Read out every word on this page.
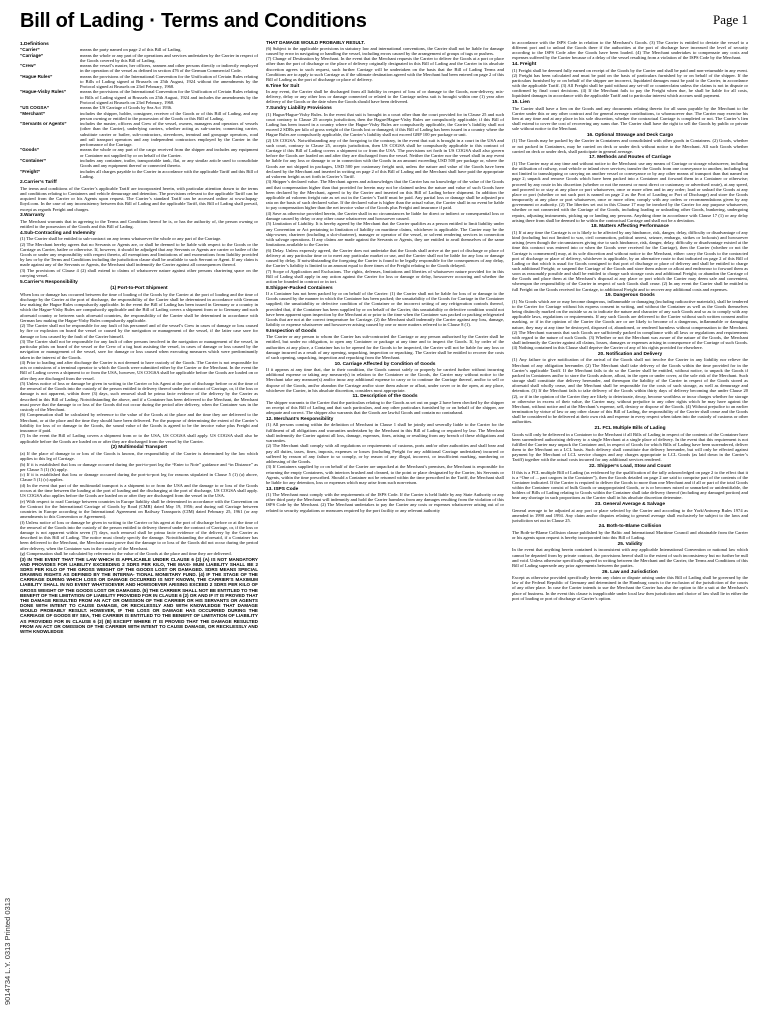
Bill of Lading · Terms and Conditions	Page 1
9014734 L.Y. 0313 Printed 0313
1.Definitions
“Carrier”	means the party named on page 2 of this Bill of Lading.
“Carriage”	means the whole or any part of the operations and services undertaken by the Carrier in respect of the Goods covered by this Bill of Lading.
“Crew”	means the vessel’s master, her officers, seamen and other persons directly or indirectly employed in the operation of the vessel as defined in section 476 of the German Commercial Code.
“Hague Rules”	means the provisions of the International Convention for the Unification of Certain Rules relating to Bills of Lading signed at Brussels on 25th August, 1924 without the amendments by the Protocol signed at Brussels on 23rd February, 1968.
“Hague-Visby Rules”	means the provisions of the International Convention for the Unification of Certain Rules relating to Bills of Lading signed at Brussels on 25th August, 1924 and includes the amendments by the Protocol signed at Brussels on 23rd February, 1968.
“US COGSA”	means the US Carriage of Goods by Sea Act 1936.
“Merchant”	includes the shipper, holder, consignee, receiver of the Goods or of this Bill of Lading, and any person owning or entitled to the possession of the Goods or this Bill of Lading.
“Servants or Agents”	includes the master, officers and Crew of the vessel, owners, managers and operators of vessels (other than the Carrier), underlying carriers, whether acting as sub-carrier, connecting carrier, substitute carrier or bailee, sub-contractors, stevedores, terminal and groupage operators, road and rail transport operators and any independent contractors employed by the Carrier in the performance of the Carriage.
“Goods”	means the whole or any part of the cargo received from the shipper and includes any equipment or Container not supplied by or on behalf of the Carrier.
“Container”	includes any container, trailer, transportable tank, flat, or any similar article used to consolidate Goods and any equipment thereof or connected thereto.
“Freight”	includes all charges payable to the Carrier in accordance with the applicable Tariff and this Bill of Lading.
2.Carrier’s Tariff

The terms and conditions of the Carrier’s applicable Tariff are incorporated herein, with particular attention drawn to the terms and conditions relating to Containers and vehicle demurrage and detention. The provisions relevant to the applicable Tariff can be acquired from the Carrier or his Agents upon request. The Carrier’s standard Tariff can be accessed online at www.hapag-lloyd.com. In the case of any inconsistency between this Bill of Lading and the applicable Tariff, this Bill of Lading shall prevail, except as regards Freight and charges.

3.Warranty

The Merchant warrants that in agreeing to the Terms and Conditions hereof he is, or has the authority of, the person owning or entitled to the possession of the Goods and this Bill of Lading.

4.Sub-Contracting and Indemnity

(1) The Carrier shall be entitled to sub-contract on any terms whatsoever the whole or any part of the Carriage.

(2) The Merchant hereby agrees that no Servants or Agents are, or shall be deemed to be liable with respect to the Goods or the Carriage as Carrier, bailee or otherwise. If, however, it should be adjudged that any Servants or Agents are carrier or bailee of the Goods or under any responsibility with respect thereto, all exemptions and limitations of and exonerations from liability provided by law or by the Terms and Conditions including the jurisdiction clause shall be available to such Servant or Agent. If any claim is made against any of the Servants or Agents, the Merchant shall indemnify the Carrier against all consequences thereof.

(3) The provisions of Clause 4 (2) shall extend to claims of whatsoever nature against other persons chartering space on the carrying vessel.

5.Carrier’s Responsibility
(1) Port-to-Port Shipment

When loss or damage has occurred between the time of loading of the Goods by the Carrier at the port of loading and the time of discharge by the Carrier at the port of discharge, the responsibility of the Carrier shall be determined in accordance with German law making the Hague Rules compulsorily applicable. In the event the Bill of Lading has been issued in Germany or a country in which the Hague-Visby Rules are compulsorily applicable and the Bill of Lading covers a shipment from or to Germany and such aforesaid country or between such aforesaid countries, the responsibility of the Carrier shall be determined in accordance with German law making the Hague-Visby Rules compulsorily applicable.

(2) The Carrier shall not be responsible for any fault of his personnel and of the vessel’s Crew in cases of damage or loss caused by fire or explosion on board the vessel or caused by the navigation or management of the vessel, if the latter case save for damage or loss caused by the fault of the Carrier himself.

(3) The Carrier shall not be responsible for any fault of other persons involved in the navigation or management of the vessel, in particular pilots on board of the vessel or the Crew of a tug boat assisting the vessel, in cases of damage or loss caused by the navigation or management of the vessel, save for damage or loss caused when executing measures which were predominantly taken in the interest of the Goods.

(4) Prior to loading and after discharge the Carrier is not deemed to have custody of the Goods. The Carrier is not responsible for acts or omissions of a terminal operator to which the Goods were submitted either by the Carrier or the Merchant. In the event the Bill of Lading covers a shipment to or from the USA, however, US COGSA shall be applicable before the Goods are loaded on or after they are discharged from the vessel.

(5) Unless notice of loss or damage be given in writing to the Carrier or his Agent at the port of discharge before or at the time of the removal of the Goods into the custody of the person entitled to delivery thereof under the contract of Carriage, or, if the loss or damage is not apparent, within three (3) days, such removal shall be prima facie evidence of the delivery by the Carrier as described in this Bill of Lading. Notwithstanding the above, and if a Container has been delivered to the Merchant, the Merchant must prove that the damage to or loss of the Goods did not occur during the period after delivery, when the Container was in the custody of the Merchant.

(6) Compensation shall be calculated by reference to the value of the Goods at the place and the time they are delivered to the Merchant, or at the place and the time they should have been delivered. For the purpose of determining the extent of the Carrier’s liability for loss of or damage to the Goods, the sound value of the Goods is agreed to be the invoice value plus Freight and insurance if paid.

(7) In the event the Bill of Lading covers a shipment from or to the USA, US COGSA shall apply. US COGSA shall also be applicable before the Goods are loaded on or after they are discharged from the vessel by the Carrier.

(2) Multimodal Transport

(a) If the place of damage to or loss of the Goods is known, the responsibility of the Carrier is determined by the law which applies to this leg of Carriage.

(b) If it is established that loss or damage occurred during the port-to-port leg the “Enter to Note” guidance and “in Distance” as per Clause 5 (1) (b) apply.

(c) If it is established that loss or damage occurred during the port-to-port leg for reasons stipulated in Clause 5 (1) (a) above, Clause 5 (1) (c) applies.

(d) In the event that part of the multimodal transport is a shipment to or from the USA and the damage to or loss of the Goods occurs at the time between the loading at the port of loading and the discharging at the port of discharge, US COGSA shall apply. US COGSA also applies before the Goods are loaded on or after they are discharged from the vessel in the USA.

(e) With respect to road Carriage between countries in Europe liability shall be determined in accordance with the Convention on the Contract for the International Carriage of Goods by Road (CMR) dated May 19, 1956; and during rail Carriage between countries in Europe according to the International Agreement on Railway Transports (CIM) dated February 25, 1961 (or any amendments to this Convention or Agreement).

(f) Unless notice of loss or damage be given in writing to the Carrier or his agent at the port of discharge before or at the time of the removal of the Goods into the custody of the person entitled to delivery thereof under the contract of Carriage, or, if the loss or damage is not apparent within seven (7) days, such removal shall be prima facie evidence of the delivery by the Carrier as described in this Bill of Lading. The notice must clearly specify the damage. Notwithstanding the aforesaid, if a Container has been delivered to the Merchant, the Merchant must prove that the damage to or loss of the Goods did not occur during the period after delivery, when the Container was in the custody of the Merchant.

(g) Compensation shall be calculated by reference to the value of the Goods at the place and time they are delivered.

(3) IN THE EVENT THAT THE LAW WHICH IS APPLICABLE UNDER CLAUSE 6 (2) (A) IS NOT MANDATORY AND PROVIDES FOR LIABILITY EXCEEDING 2 SDRS PER KILO, THE MAXI- MUM LIABILITY SHALL BE 2 SDRS PER KILO OF THE GROSS WEIGHT OF THE GOODS LOST OR DAMAGED. SDRS MEANS SPECIAL DRAWING RIGHTS AS DEFINED BY THE INTERNA- TIONAL MONETARY FUND. (4) IF THE STAGE OF THE CARRIAGE DURING WHICH LOSS OR DAMAGE OCCURRED IS NOT KNOWN, THE CARRIER’S MAXIMUM LIABILITY SHALL IN NO EVENT WHATSOEVER AND HOWSOEVER ARISING EXCEED 2 SDRS PER KILO OF GROSS WEIGHT OF THE GOODS LOST OR DAMAGED. (5) THE CARRIER SHALL NOT BE ENTITLED TO THE BENEFIT OF THE LIMITATION OF LIABILITY PROVIDED FOR IN CLAUSE 6 (2) OR AND IF IT IS PROVED THAT THE DAMAGE RESULTED FROM AN ACT OR OMISSION OF THE CARRIER OR HIS SERVANTS OR AGENTS DONE WITH INTENT TO CAUSE DAMAGE, OR RECKLESSLY AND WITH KNOWLEDGE THAT DAMAGE WOULD PROBABLY RESULT. HOWEVER, IF THE LOSS OR DAMAGE HAS OCCURRED DURING THE CARRIAGE OF GOODS BY SEA, THE CARRIER IS ENTITLED TO THE BENEFIT OF LIMITATION OF LIABILITY AS PROVIDED FOR IN CLAUSE 6 (2) (B) EXCEPT WHERE IT IS PROVED THAT THE DAMAGE RESULTED FROM AN ACT OR OMISSION OF THE CARRIER WITH INTENT TO CAUSE DAMAGE, OR RECKLESSLY AND WITH KNOWLEDGE

THAT DAMAGE WOULD PROBABLY RESULT.

(6) Subject to the applicable provisions in statutory law and international conventions, the Carrier shall not be liable for damage caused by error in navigating or handling the vessel, including errors caused by the arrangement of groups of tugs or pushers.

(7) Change of Destination by Merchant. In the event that the Merchant requests the Carrier to deliver the Goods at a port or place other than the port of discharge or the place of delivery originally designated in this Bill of Lading and the Carrier in its absolute discretion agrees to such request, such further Carriage will be undertaken on the basis that the Bill of Lading Terms and Conditions are to apply to such Carriage as if the ultimate destination agreed with the Merchant had been entered on page 2 of this Bill of Lading as the port of discharge or place of delivery.

6.Time for Suit

In any event, the Carrier shall be discharged from all liability in respect of loss of or damage to the Goods, non-delivery, mis-delivery, delay or any other loss or damage connected or related to the Carriage unless suit is brought within one (1) year after delivery of the Goods or the date when the Goods should have been delivered.

7.Sundry Liability Provisions

(1) Hague/Hague-Visby Rules. In the event that suit is brought in a court other than the court provided for in Clause 25 and such court contrary to Clause 25 accepts jurisdiction, then the Hague/Hague-Visby Rules are compulsorily applicable; if this Bill of Lading has been issued in a country where the Hague-Visby Rules are compulsorily applicable, the Carrier’s liability shall not exceed 2 SDRs per kilo of gross weight of the Goods lost or damaged; if this Bill of Lading has been issued in a country where the Hague Rules are compulsorily applicable, the Carrier’s liability shall not exceed GBP 100 per package or unit.

(2) US COGSA. Notwithstanding any of the foregoing to the contrary, in the event that suit is brought in a court in the USA and such court, contrary to Clause 25, accepts jurisdiction, then US COGSA shall be compulsorily applicable to this contract of Carriage if this Bill of Lading covers a shipment to or from the USA. The provisions set forth in US COGSA shall also govern before the Goods are loaded on and after they are discharged from the vessel. Neither the Carrier nor the vessel shall in any event be liable for any loss or damage to or in connection with the Goods in an amount exceeding USD 500 per package or, where the Goods are not shipped in packages, USD 500 per customary freight unit, unless the nature and value of the Goods have been declared by the Merchant and inserted in writing on page 2 of this Bill of Lading and the Merchant shall have paid the appropriate ad valorem freight as set forth in Carrier’s Tariff.

(3) Shipper’s declared value. The Merchant agrees and acknowledges that the Carrier has no knowledge of the value of the Goods and that compensation higher than that provided for herein may not be claimed unless the nature and value of such Goods have been declared by the Merchant, agreed to by the Carrier and inserted on this Bill of Lading before shipment. In addition the applicable ad valorem freight rate as set out in the Carrier’s Tariff must be paid. Any partial loss or damage shall be adjusted pro rata on the basis of such declared value. If the declared value is higher than the actual value, the Carrier shall in no event be liable to pay compensation higher than the net invoice value of the Goods plus Freight and insurance if paid.

(4) Save as otherwise provided herein, the Carrier shall in no circumstances be liable for direct or indirect or consequential loss or damage caused by delay or any other cause whatsoever and howsoever caused.

(5) Limitation of Liability. It is hereby agreed by the Merchant that the Carrier qualifies as a person entitled to limit liability under any Convention or Act pertaining to limitation of liability on maritime claims, whichever is applicable. The Carrier may be the ship-owner, charterer (including a slot-charterer), manager or operator of the vessel, or solvent rendering services in connection with salvage operations. If any claims are made against the Servants or Agents, they are entitled to avail themselves of the same limitations available to the Carrier.

(6) Delay. Unless expressly agreed, the Carrier does not undertake that the Goods shall arrive at the port of discharge or place of delivery at any particular time or to meet any particular market or use, and the Carrier shall not be liable for any loss or damage caused by delay. If notwithstanding the foregoing the Carrier is found to be legally responsible for the consequences of any delay, the Carrier’s liability is limited to an amount equal to three times of the Freight relating to the Goods delayed.

(7) Scope of Application and Exclusions. The rights, defenses, limitations and liberties of whatsoever nature provided for in this Bill of Lading shall apply in any action against the Carrier for loss or damage or delay, howsoever occurring and whether the action be founded in contract or in tort.

8.Shipper-Packed Containers

If a Container has not been packed by or on behalf of the Carrier: (1) the Carrier shall not be liable for loss of or damage to the Goods caused by the manner in which the Container has been packed; the unsuitability of the Goods for Carriage in the Container supplied; the unsuitability or defective condition of the Container or the incorrect setting of any refrigeration controls thereof, provided that, if the Container has been supplied by or on behalf of the Carrier, this unsuitability or defective condition would not have been apparent upon inspection by the Merchant at or prior to the time when the Container was packed or packing refrigerated Goods that are not at the correct temperature for Carriage. (2) the Merchant shall indemnify the Carrier against any loss, damage, liability or expense whatsoever and howsoever arising caused by one or more matters referred to in Clause 8 (1).

9.Inspection of Goods

The Carrier or any person to whom the Carrier has sub-contracted the Carriage or any person authorised by the Carrier shall be entitled, but under no obligation, to open any Container or package at any time and to inspect the Goods. If, by order of the authorities at any place, a Container has to be opened for the Goods to be inspected, the Carrier will not be liable for any loss or damage incurred as a result of any opening, unpacking, inspection or repacking. The Carrier shall be entitled to recover the costs of such opening, unpacking, inspection and repacking from the Merchant.

10. Carriage Affected by Condition of Goods

If it appears at any time that, due to their condition, the Goods cannot safely or properly be carried further without incurring additional expense or taking any measure(s) in relation to the Container or the Goods, the Carrier may without notice to the Merchant take any measure(s) and/or incur any additional expense to carry or to continue the Carriage thereof, and/or to sell or dispose of the Goods, and/or abandon the Carriage and/or store them ashore or afloat, under cover or in the open, at any place, whichever the Carrier, in his absolute discretion, considers most appropriate.

11. Description of the Goods

The shipper warrants to the Carrier that the particulars relating to the Goods as set out on page 2 have been checked by the shipper on receipt of this Bill of Lading and that such particulars, and any other particulars furnished by or on behalf of the shipper, are adequate and correct. The shipper also warrants that the Goods are lawful Goods and contain no contraband.

12. Merchant’s Responsibility

(1) All persons coming within the definition of Merchant in Clause 1 shall be jointly and severally liable to the Carrier for the fulfilment of all obligations and warranties undertaken by the Merchant in this Bill of Lading or required by law. The Merchant shall indemnify the Carrier against all loss, damage, expenses, fines, arising or resulting from any breach of these obligations and warranties.

(2) The Merchant shall comply with all regulations or requirements of customs, ports and/or other authorities and shall bear and pay all duties, taxes, fines, imposts, expenses or losses (including Freight for any additional Carriage undertaken) incurred or suffered by reason of any failure to so comply, or by reason of any illegal, incorrect, or insufficient marking, numbering or addressing of the Goods.

(3) If Containers supplied by or on behalf of the Carrier are unpacked at the Merchant’s premises, the Merchant is responsible for returning the empty Containers, with interiors brushed and cleaned, to the point or place designated by the Carrier, his Servants or Agents, within the time prescribed. Should a Container not be returned within the time prescribed in the Tariff, the Merchant shall be liable for any detention, loss or expenses which may arise from such non-return.

13. ISPS Code

(1) The Merchant must comply with the requirements of the ISPS Code. If the Carrier is held liable by any State Authority or any other third party the Merchant will indemnify and hold the Carrier harmless from any damages resulting from the violation of this ISPS Code by the Merchant. (2) The Merchant undertakes to pay the Carrier any costs or expenses whatsoever arising out of or related to security regulations or measures required by the port facility or any relevant authority

in accordance with the ISPS Code in relation to the Merchant’s Goods. (3) The Carrier is entitled to deviate the vessel to a different port and to unload the Goods there if the authorities at the port of discharge have increased the level of security according to the ISPS Code after the Goods have been loaded. (4) The Merchant undertakes to compensate any costs and expenses suffered by the Carrier because of a delay of the vessel resulting from a violation of the ISPS Code by the Merchant.

14. Freight

(1) Freight shall be deemed fully earned on receipt of the Goods by the Carrier and shall be paid and non-returnable in any event. (2) Freight has been calculated and must be paid on the basis of particulars furnished by or on behalf of the shipper. If the particulars furnished by or on behalf of the shipper are incorrect, liquidated damages must be paid to the Carrier, in accordance with the applicable Tariff. (3) All Freight shall be paid without any set-off or counterclaim unless the claims is not in dispute or confirmed by final court decisions. (4) If the Merchant fails to pay the Freight when due, he shall be liable for all costs, liquidated damages in accordance with the applicable Tariff and to particular interest which accrues until payment.

15. Lien

The Carrier shall have a lien on the Goods and any documents relating thereto for all sums payable by the Merchant to the Carrier under this or any other contract and for general average contributions, to whomsoever due. The Carrier may exercise his lien at any time and at any place in his sole discretion, whether the contractual Carriage is completed or not. The Carrier’s lien shall extend to cover the cost of recovering any sums due. The Carrier shall have the right to sell the Goods by public or private sale without notice to the Merchant.

16. Optional Stowage and Deck Cargo

(1) The Goods may be packed by the Carrier in Containers and consolidated with other goods in Containers. (2) Goods, whether or not packed in Containers, may be carried on deck or under deck without notice to the Merchant. All such Goods whether carried on deck or under deck, shall participate in general average.

17. Methods and Routes of Carriage

(1) The Carrier may at any time and without notice to the Merchant: use any means of Carriage or storage whatsoever, including the utilisation of railway, road vehicle or inland river services; transfer the Goods from one conveyance to another, including but not limited to transshipping or carrying on another vessel or conveyance or by any other means of transport than that named on page 2; unpack and remove Goods which have been packed into a Container and forward them in a Container or otherwise; proceed by any route in his discretion (whether or not the nearest or most direct or customary or advertised route), at any speed, and proceed to or stay at any place or port whatsoever, once or more often and in any order; load or unload the Goods at any place or port (whether or not such port is named on page 2 as the Port of Loading or Port of Discharge) and store the Goods temporarily at any place or port whatsoever, once or more often; comply with any orders or recommendations given by any government or authority. (2) The liberties set out in this Clause 17 may be invoked by the Carrier for any purpose whatsoever, whether or not connected with the Carriage of the Goods, including loading or unloading other Goods, bunkering, undergoing repairs, adjusting instruments, picking up or landing any persons. Anything done in accordance with Clause 17 (1) or any delay arising there from shall be deemed to be within the contractual Carriage and shall not be a deviation.

18. Matters Affecting Performance

(1) If at any time the Carriage is or is likely to be affected by any hindrance, risk, danger, delay, difficulty or disadvantage of any kind (including but not limited to war, civil commotion, political unrest, seizure, embargo, strikes or lockouts) and howsoever arising (even though the circumstances giving rise to such hindrance, risk, danger, delay, difficulty or disadvantage existed at the time this contract was entered into or when the Goods were received for the Carriage), then the Carrier (whether or not the Carriage is commenced) may, at its sole discretion and without notice to the Merchant, either: carry the Goods to the contracted port of discharge or place of delivery, whichever is applicable, by an alternative route to that indicated on page 2 of this Bill of Lading or that which is usual for Goods consigned to that port of discharge or place of delivery and shall be entitled to charge such additional Freight; or suspend the Carriage of the Goods and store them ashore or afloat and endeavour to forward them as soon as reasonably possible and shall be entitled to charge such storage costs and additional Freight; or abandon the Carriage of the Goods and place them at the Merchant’s disposal at any place or port which the Carrier may deem safe and convenient, whereupon the responsibility of the Carrier in respect of such Goods shall cease. (2) In any event the Carrier shall be entitled to full Freight on the Goods received for Carriage, to additional Freight and to recover any additional costs and expenses.

19. Dangerous Goods

(1) No Goods which are or may become dangerous, inflammable or damaging (including radioactive materials), shall be tendered to the Carrier for Carriage without his express consent in writing, and without the Container as well as the Goods themselves being distinctly marked on the outside so as to indicate the nature and character of any such Goods and so as to comply with any applicable laws, regulations or requirements. If any such Goods are delivered to the Carrier without such written consent and/or marking, or if in the opinion of the Carrier the Goods are or are likely to become of a dangerous, inflammable or damaging nature, they may at any time be destroyed, disposed of, abandoned, or rendered harmless without compensation to the Merchant. (2) The Merchant warrants that such Goods are sufficiently packed in compliance with all laws or regulations and requirements with regard to the nature of such Goods. (3) Whether or not the Merchant was aware of the nature of the Goods, the Merchant shall indemnify the Carrier against all claims, losses, damages or expenses arising in consequence of the Carriage of such Goods. (4) Nothing contained in this Clause shall deprive the Carrier of any of his rights provided for elsewhere.

20. Notification and Delivery

(1) Any failure to give notification of the arrival of the Goods shall not involve the Carrier in any liability nor relieve the Merchant of any obligation hereunder. (2) The Merchant shall take delivery of the Goods within the time provided for in the Carrier’s applicable Tariff. If the Merchant fails to do so the Carrier shall be entitled, without notice, to unpack the Goods if packed in Containers and/or to store the Goods ashore, afloat, in the open or under cover, at the sole risk of the Merchant. Such storage shall constitute due delivery hereunder, and thereupon the liability of the Carrier in respect of the Goods stored as aforesaid shall wholly cease, and the Merchant shall be responsible for the costs of such storage, as well as demurrage and detention. (3) If the Merchant fails to take delivery of the Goods within thirty days of delivery becoming due under Clause 20 (2), or if in the opinion of the Carrier they are likely to deteriorate, decay, become worthless or incur charges whether for storage or otherwise in excess of their value, the Carrier may, without prejudice to any other rights which he may have against the Merchant, without notice and at the Merchant’s expense, sell, destroy or dispose of the Goods. (4) Without prejudice to an earlier termination by virtue of law or any other clause of this Bill of Lading, the responsibility of the Carrier shall cease and the Goods shall be considered to be delivered at their own risk and expense in every respect when taken into the custody of customs or other authorities.

21. FCL Multiple Bills of Lading

Goods will only be delivered in a Container to the Merchant if all Bills of Lading in respect of the contents of the Container have been surrendered authorising delivery to a single Merchant at a single place of delivery. In the event that this requirement is not fulfilled the Carrier may unpack the Container and, in respect of Goods for which Bills of Lading have been surrendered, deliver them to the Merchant on a LCL basis. Such delivery shall constitute due delivery hereunder, but will only be effected against payment by the Merchant of LCL service charges and any charges appropriate to LCL Goods (as laid down in the Carrier’s Tariff) together with the actual costs incurred for any additional services rendered.

22. Shipper’s Load, Stow and Count

If this is a FCL multiple Bill of Lading (as evidenced by the qualification of the tally acknowledged on page 2 to the effect that it is a “One of ... part cargoes in the Container”), then the Goods detailed on page 2 are said to comprise part of the contents of the Container indicated. If the Carrier is required to deliver the Goods to more than one Merchant and if all or part of the total Goods within the Container consist of bulk Goods or unappropriated Goods, or is or becomes mixed or unmarked or unidentifiable, the holders of Bills of Lading relating to Goods within the Container shall take delivery thereof (including any damaged portion) and bear any shortage in such proportions as the Carrier shall in his absolute discretion determine.

23. General Average & Salvage

General average to be adjusted at any port or place selected by the Carrier and according to the York/Antwerp Rules 1974 as amended in 1990 and 1994. Any claim and/or disputes relating to general average shall exclusively be subject to the laws and jurisdiction set out in Clause 25.

24. Both-to-Blame Collision

The Both-to-Blame Collision clause published by the Baltic and International Maritime Council and obtainable from the Carrier or his agents upon request is hereby incorporated into this Bill of Lading.

25. Validity

In the event that anything herein contained is inconsistent with any applicable International Convention or national law which cannot be departed from by private contract, the provisions hereof shall to the extent of such inconsistency but no further be null and void. Unless otherwise specifically agreed in writing between the Merchant and the Carrier, the Terms and Conditions of this Bill of Lading supersede any prior agreements between the parties.

26. Law and Jurisdiction

Except as otherwise provided specifically herein any claim or dispute arising under this Bill of Lading shall be governed by the law of the Federal Republic of Germany and determined in the Hamburg courts to the exclusion of the jurisdiction of the courts of any other place. In case the Carrier intends to sue the Merchant the Carrier has also the option to file a suit at the Merchant’s place of business. In the event this clause is inapplicable under local law then jurisdiction and choice of law shall lie in either the port of loading or port of discharge at Carrier’s option.
